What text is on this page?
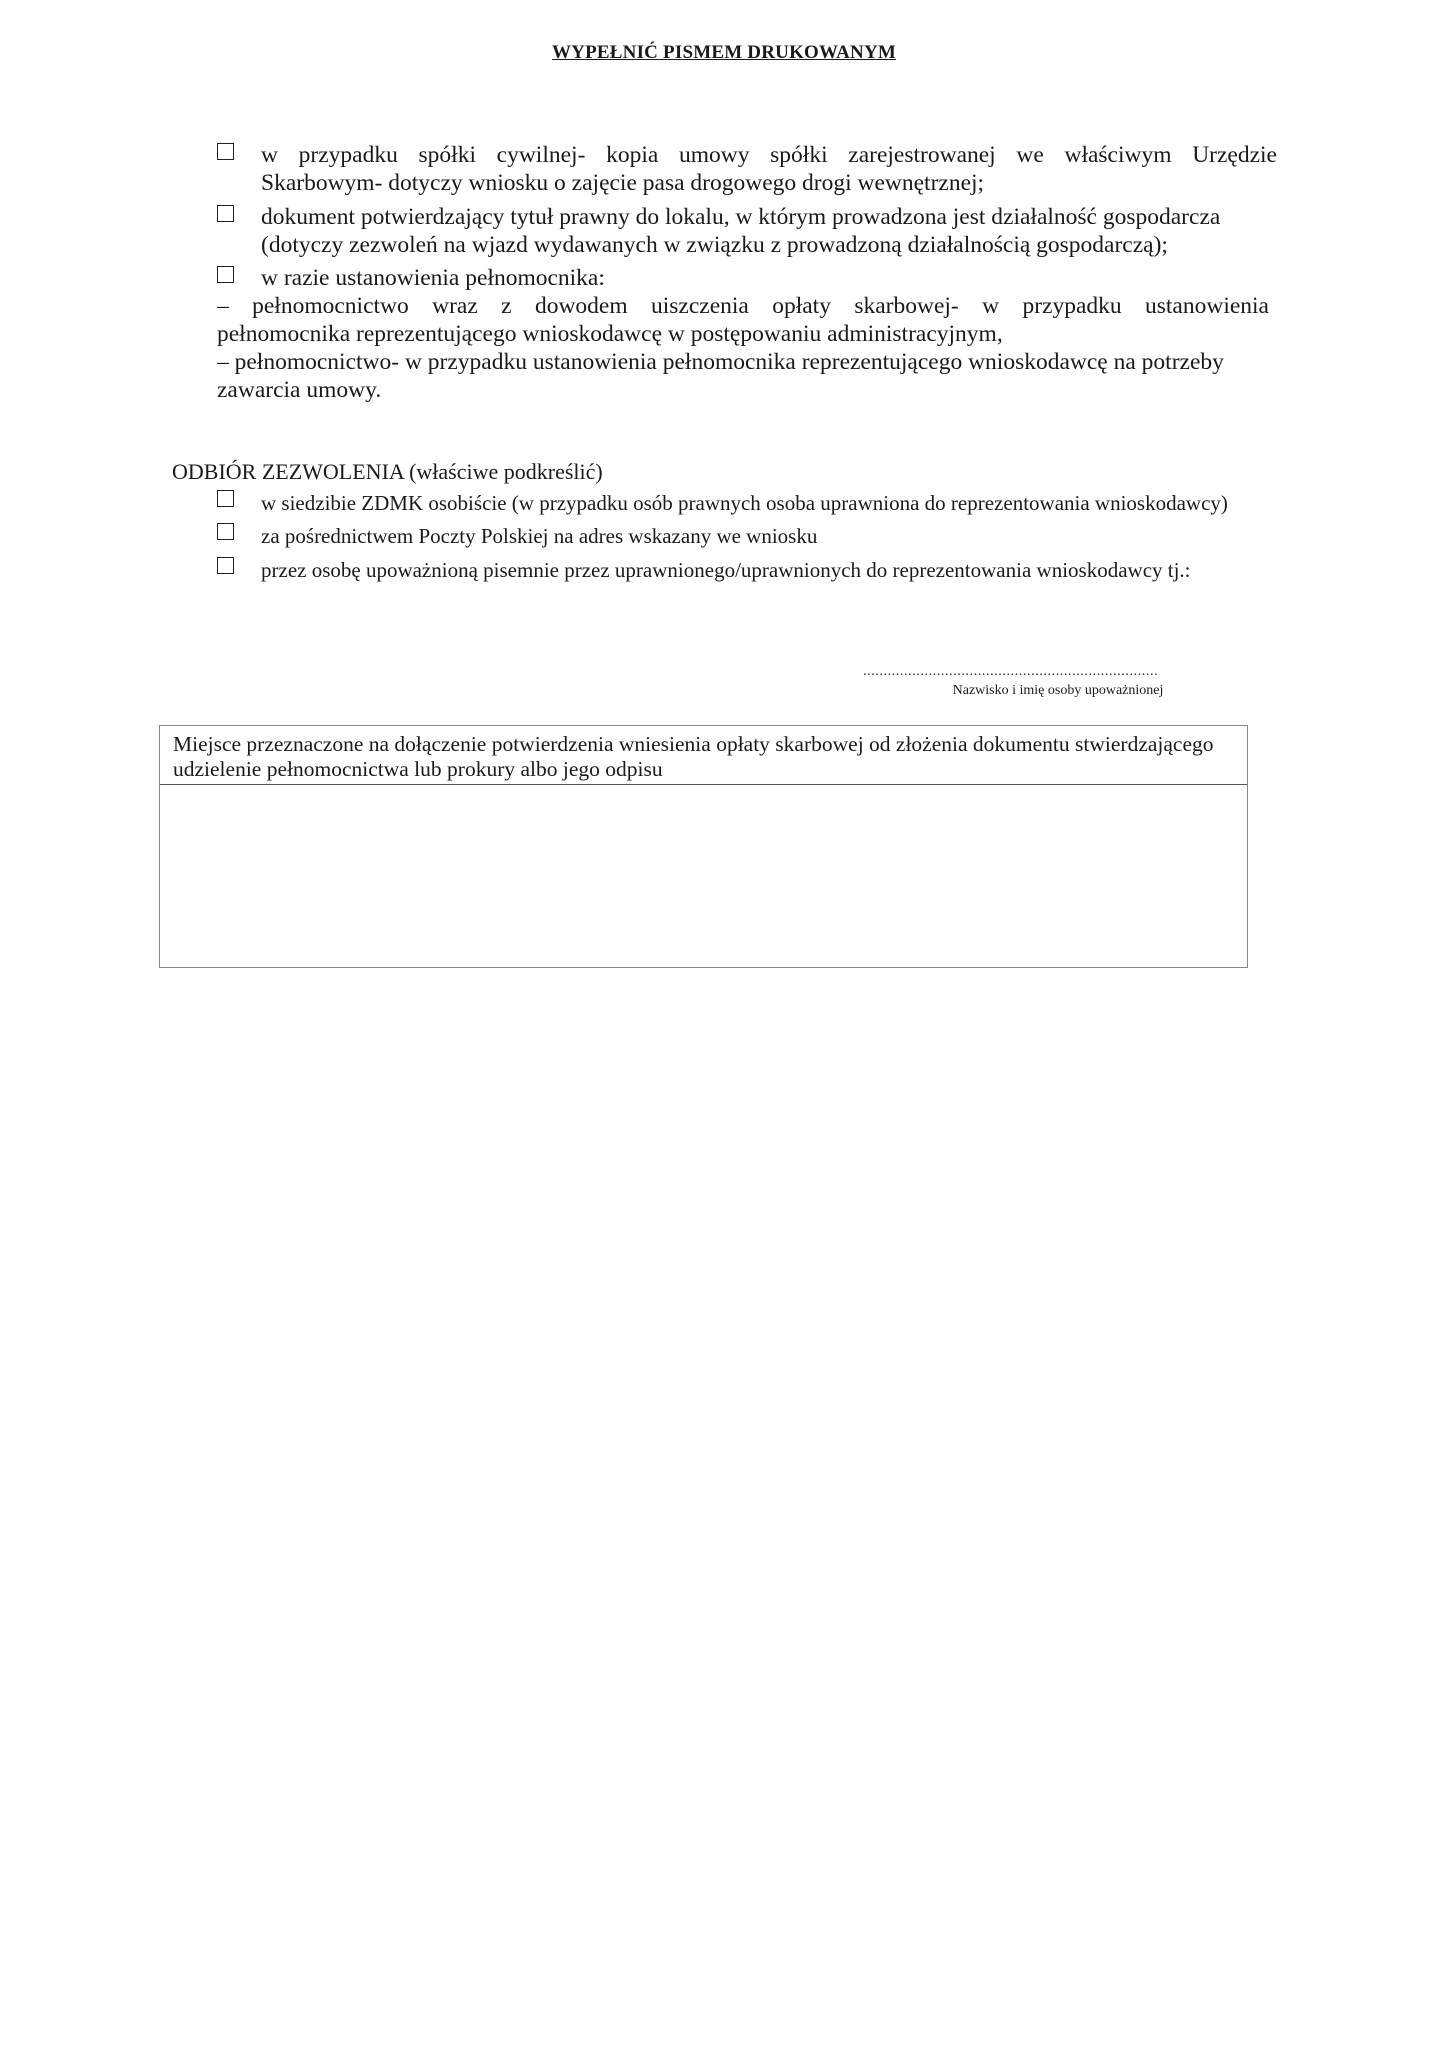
WYPEŁNIĆ PISMEM DRUKOWANYM
w przypadku spółki cywilnej- kopia umowy spółki zarejestrowanej we właściwym Urzędzie
Skarbowym- dotyczy wniosku o zajęcie pasa drogowego drogi wewnętrznej;
dokument potwierdzający tytuł prawny do lokalu, w którym prowadzona jest działalność gospodarcza
(dotyczy zezwoleń na wjazd wydawanych w związku z prowadzoną działalnością gospodarczą);
w razie ustanowienia pełnomocnika:
– pełnomocnictwo wraz z dowodem uiszczenia opłaty skarbowej- w przypadku ustanowienia
pełnomocnika reprezentującego wnioskodawcę w postępowaniu administracyjnym,
– pełnomocnictwo- w przypadku ustanowienia pełnomocnika reprezentującego wnioskodawcę na potrzeby
zawarcia umowy.
ODBIÓR ZEZWOLENIA (właściwe podkreślić)
w siedzibie ZDMK osobiście (w przypadku osób prawnych osoba uprawniona do reprezentowania wnioskodawcy)
za pośrednictwem Poczty Polskiej na adres wskazany we wniosku
przez osobę upoważnioną pisemnie przez uprawnionego/uprawnionych do reprezentowania wnioskodawcy tj.:
........................................................................
Nazwisko i imię osoby upoważnionej
Miejsce przeznaczone na dołączenie potwierdzenia wniesienia opłaty skarbowej od złożenia dokumentu stwierdzającego
udzielenie pełnomocnictwa lub prokury albo jego odpisu
